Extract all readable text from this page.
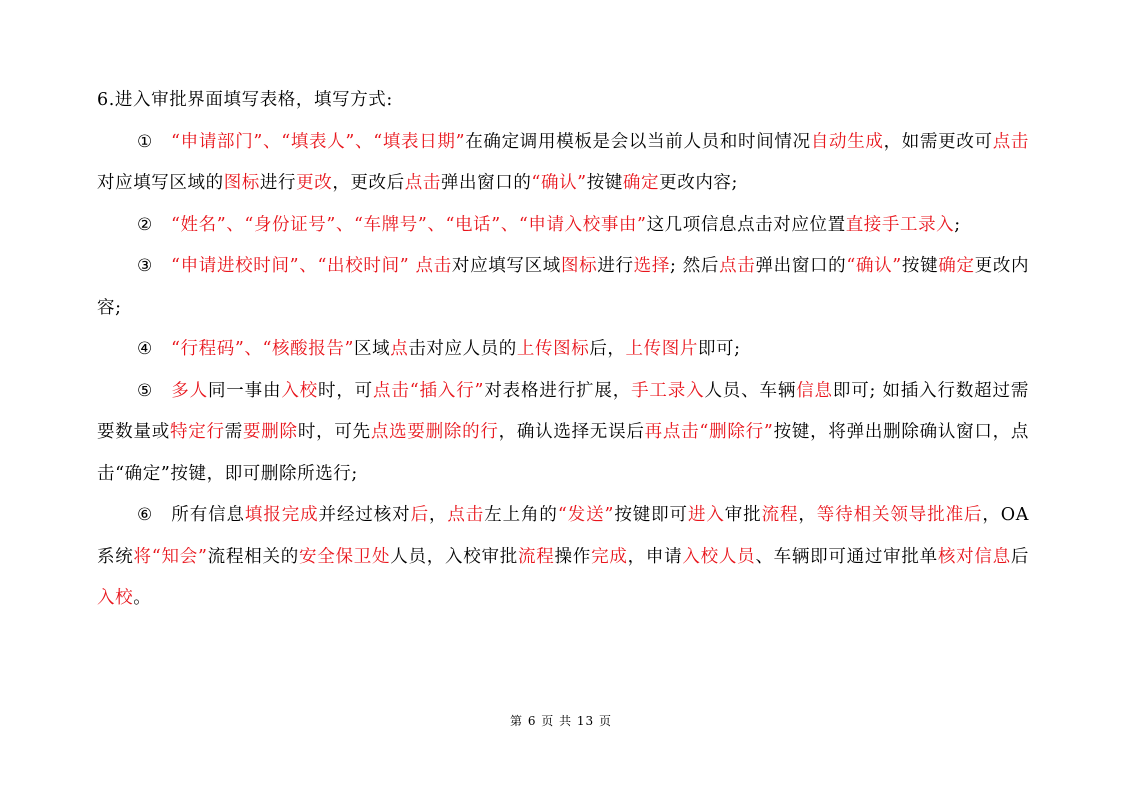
6.进入审批界面填写表格，填写方式:

① “申请部门”、“填表人”、“填表日期”在确定调用模板是会以当前人员和时间情况自动生成，如需更改可点击对应填写区域的图标进行更改，更改后点击弹出窗口的“确认”按键确定更改内容;

② “姓名”、“身份证号”、“车牌号”、“电话”、“申请入校事由”这几项信息点击对应位置直接手工录入;

③ “申请进校时间”、“出校时间” 点击对应填写区域图标进行选择; 然后点击弹出窗口的“确认”按键确定更改内容;

④ “行程码”、“核酸报告”区域点击对应人员的上传图标后，上传图片即可;

⑤ 多人同一事由入校时，可点击“插入行”对表格进行扩展，手工录入人员、车辆信息即可; 如插入行数超过需要数量或特定行需要删除时，可先点选要删除的行，确认选择无误后再点击“删除行”按键，将弹出删除确认窗口，点击“确定”按键，即可删除所选行;

⑥ 所有信息填报完成并经过核对后，点击左上角的“发送”按键即可进入审批流程，等待相关领导批准后，OA 系统将“知会”流程相关的安全保卫处人员，入校审批流程操作完成，申请入校人员、车辆即可通过审批单核对信息后入校。

第 6 页 共 13 页
